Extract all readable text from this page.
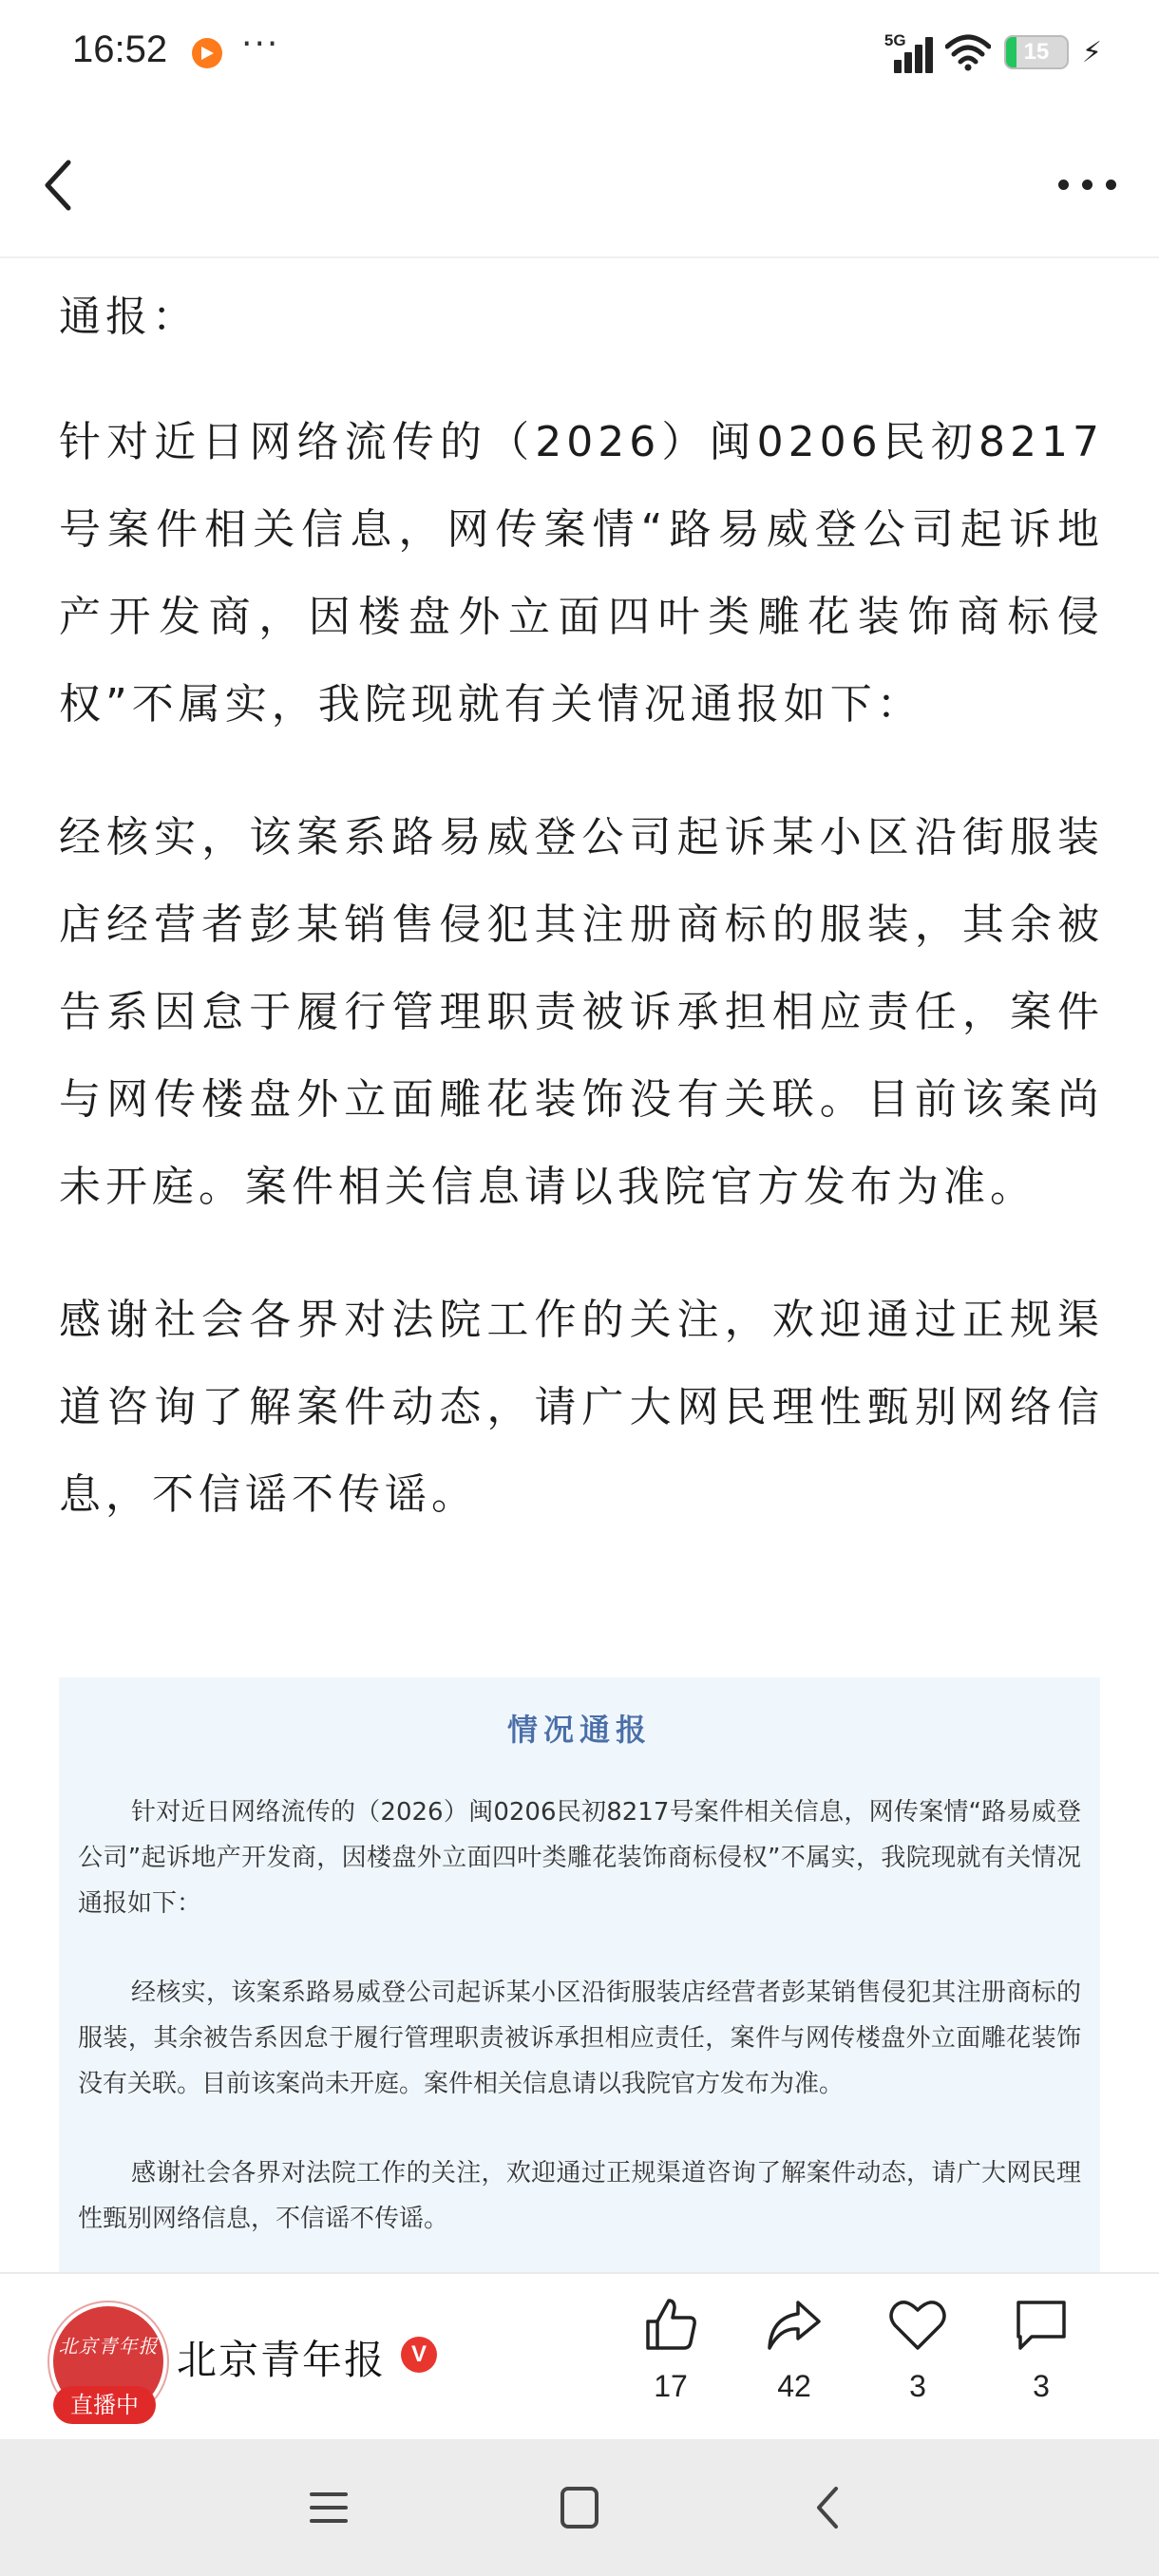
16:52 ···	5G	15	⚡

通报：

针对近日网络流传的（2026）闽0206民初8217号案件相关信息，网传案情“路易威登公司起诉地产开发商，因楼盘外立面四叶类雕花装饰商标侵权”不属实，我院现就有关情况通报如下：

经核实，该案系路易威登公司起诉某小区沿街服装店经营者彭某销售侵犯其注册商标的服装，其余被告系因怠于履行管理职责被诉承担相应责任，案件与网传楼盘外立面雕花装饰没有关联。目前该案尚未开庭。案件相关信息请以我院官方发布为准。

感谢社会各界对法院工作的关注，欢迎通过正规渠道咨询了解案件动态，请广大网民理性甄别网络信息，不信谣不传谣。

情况通报

针对近日网络流传的（2026）闽0206民初8217号案件相关信息，网传案情“路易威登公司”起诉地产开发商，因楼盘外立面四叶类雕花装饰商标侵权”不属实，我院现就有关情况通报如下：

经核实，该案系路易威登公司起诉某小区沿街服装店经营者彭某销售侵犯其注册商标的服装，其余被告系因怠于履行管理职责被诉承担相应责任，案件与网传楼盘外立面雕花装饰没有关联。目前该案尚未开庭。案件相关信息请以我院官方发布为准。

感谢社会各界对法院工作的关注，欢迎通过正规渠道咨询了解案件动态，请广大网民理性甄别网络信息，不信谣不传谣。

北京青年报
直播中
北京青年报	V
17	42	3	3
